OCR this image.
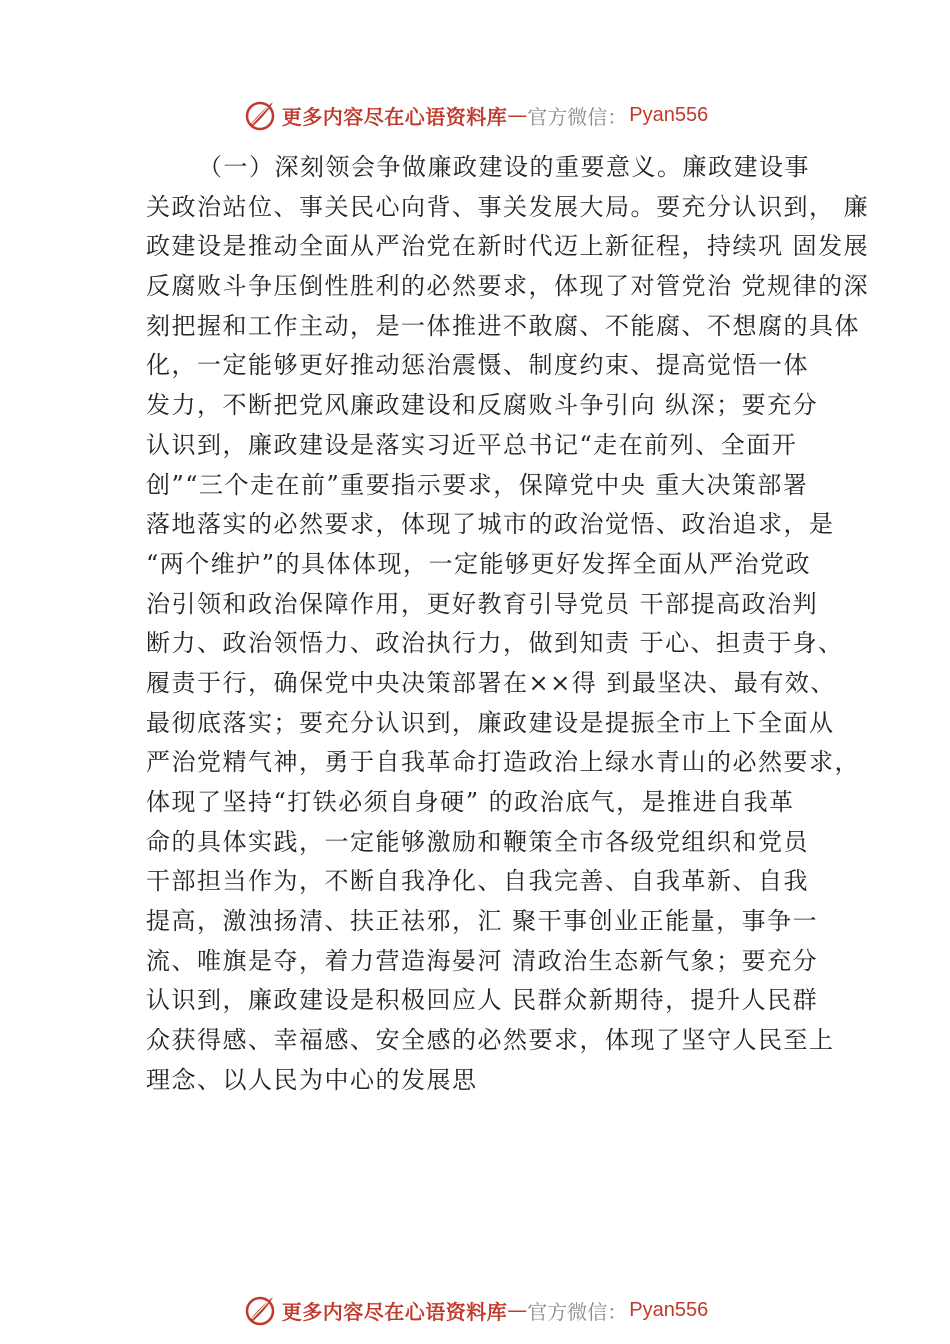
更多内容尽在心语资料库 — 官方微信： Pyan556
（一）深刻领会争做廉政建设的重要意义。廉政建设事
关政治站位、事关民心向背、事关发展大局。要充分认识到， 廉
政建设是推动全面从严治党在新时代迈上新征程，持续巩 固发展
反腐败斗争压倒性胜利的必然要求，体现了对管党治 党规律的深
刻把握和工作主动，是一体推进不敢腐、不能腐、不想腐的具体
化，一定能够更好推动惩治震慑、制度约束、提高觉悟一体
发力，不断把党风廉政建设和反腐败斗争引向 纵深；要充分
认识到，廉政建设是落实习近平总书记“走在前列、全面开
创”“三个走在前”重要指示要求，保障党中央 重大决策部署
落地落实的必然要求，体现了城市的政治觉悟、政治追求，是
“两个维护”的具体体现，一定能够更好发挥全面从严治党政
治引领和政治保障作用，更好教育引导党员 干部提高政治判
断力、政治领悟力、政治执行力，做到知责 于心、担责于身、
履责于行，确保党中央决策部署在××得 到最坚决、最有效、
最彻底落实；要充分认识到，廉政建设是提振全市上下全面从
严治党精气神，勇于自我革命打造政治上绿水青山的必然要求，
体现了坚持“打铁必须自身硬” 的政治底气，是推进自我革
命的具体实践，一定能够激励和鞭策全市各级党组织和党员
干部担当作为，不断自我净化、自我完善、自我革新、自我
提高，激浊扬清、扶正祛邪，汇 聚干事创业正能量，事争一
流、唯旗是夺，着力营造海晏河 清政治生态新气象；要充分
认识到，廉政建设是积极回应人 民群众新期待，提升人民群
众获得感、幸福感、安全感的必然要求，体现了坚守人民至上
理念、以人民为中心的发展思
更多内容尽在心语资料库 — 官方微信： Pyan556
